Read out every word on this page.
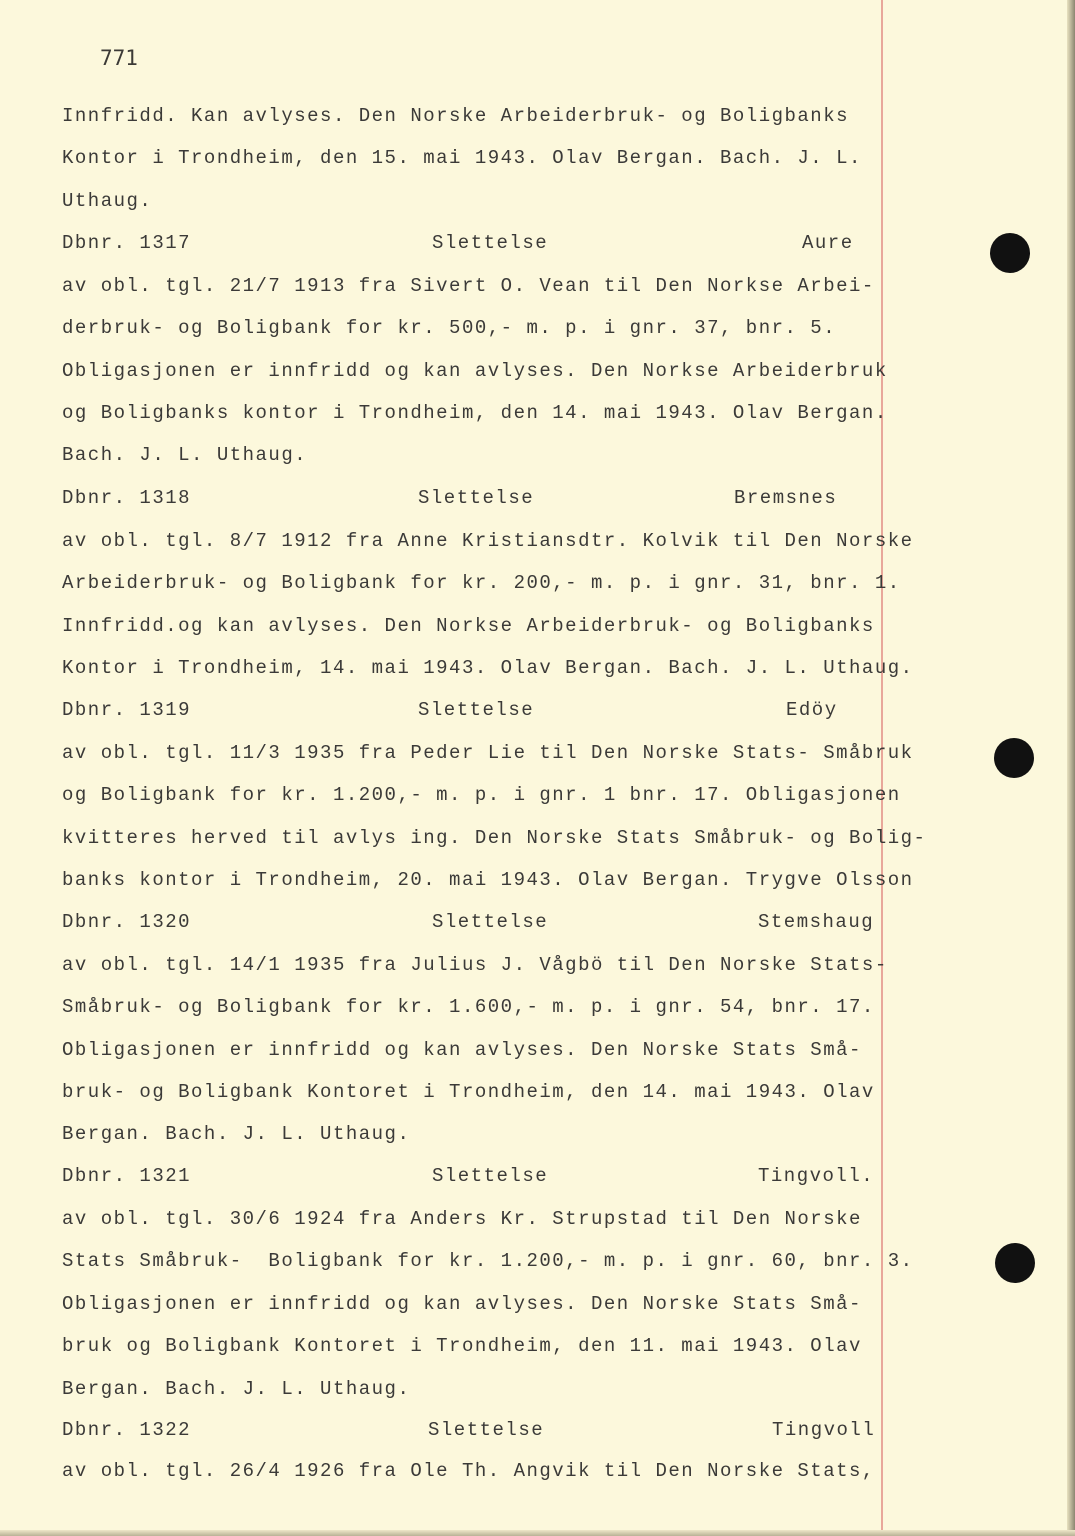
771
Innfridd. Kan avlyses. Den Norske Arbeiderbruk- og Boligbanks
Kontor i Trondheim, den 15. mai 1943. Olav Bergan. Bach. J. L.
Uthaug.
Dbnr. 1317	Slettelse	Aure
av obl. tgl. 21/7 1913 fra Sivert O. Vean til Den Norkse Arbei-
derbruk- og Boligbank for kr. 500,- m. p. i gnr. 37, bnr. 5.
Obligasjonen er innfridd og kan avlyses. Den Norkse Arbeiderbruk
og Boligbanks kontor i Trondheim, den 14. mai 1943. Olav Bergan.
Bach. J. L. Uthaug.
Dbnr. 1318	Slettelse	Bremsnes
av obl. tgl. 8/7 1912 fra Anne Kristiansdtr. Kolvik til Den Norske
Arbeiderbruk- og Boligbank for kr. 200,- m. p. i gnr. 31, bnr. 1.
Innfridd.og kan avlyses. Den Norkse Arbeiderbruk- og Boligbanks
Kontor i Trondheim, 14. mai 1943. Olav Bergan. Bach. J. L. Uthaug.
Dbnr. 1319	Slettelse	Edöy
av obl. tgl. 11/3 1935 fra Peder Lie til Den Norske Stats- Småbruk
og Boligbank for kr. 1.200,- m. p. i gnr. 1 bnr. 17. Obligasjonen
kvitteres herved til avlys ing. Den Norske Stats Småbruk- og Bolig-
banks kontor i Trondheim, 20. mai 1943. Olav Bergan. Trygve Olsson
Dbnr. 1320	Slettelse	Stemshaug
av obl. tgl. 14/1 1935 fra Julius J. Vågbö til Den Norske Stats-
Småbruk- og Boligbank for kr. 1.600,- m. p. i gnr. 54, bnr. 17.
Obligasjonen er innfridd og kan avlyses. Den Norske Stats Små-
bruk- og Boligbank Kontoret i Trondheim, den 14. mai 1943. Olav
Bergan. Bach. J. L. Uthaug.
Dbnr. 1321	Slettelse	Tingvoll.
av obl. tgl. 30/6 1924 fra Anders Kr. Strupstad til Den Norske
Stats Småbruk-  Boligbank for kr. 1.200,- m. p. i gnr. 60, bnr. 3.
Obligasjonen er innfridd og kan avlyses. Den Norske Stats Små-
bruk og Boligbank Kontoret i Trondheim, den 11. mai 1943. Olav
Bergan. Bach. J. L. Uthaug.
Dbnr. 1322	Slettelse	Tingvoll
av obl. tgl. 26/4 1926 fra Ole Th. Angvik til Den Norske Stats,
